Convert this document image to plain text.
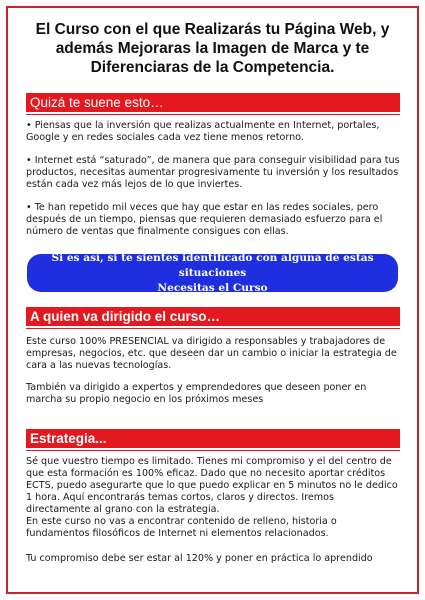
El Curso con el que Realizarás tu Página Web, y además Mejoraras la Imagen de Marca y te Diferenciaras de la Competencia.
Quizá te suene esto…

• Piensas que la inversión que realizas actualmente en Internet, portales, Google y en redes sociales cada vez tiene menos retorno.

• Internet está “saturado”, de manera que para conseguir visibilidad para tus productos, necesitas aumentar progresivamente tu inversión y los resultados están cada vez más lejos de lo que inviertes.

• Te han repetido mil veces que hay que estar en las redes sociales, pero después de un tiempo, piensas que requieren demasiado esfuerzo para el número de ventas que finalmente consigues con ellas.

Si es así, si te sientes identificado con alguna de estas situaciones
Necesitas el Curso
A quien va dirigido el curso…

Este curso 100% PRESENCIAL va dirigido a responsables y trabajadores de empresas, negocios, etc. que deseen dar un cambio o iniciar la estrategia de cara a las nuevas tecnologías.

También va dirigido a expertos y emprendedores que deseen poner en marcha su propio negocio en los próximos meses

Estrategia...

Sé que vuestro tiempo es limitado. Tienes mi compromiso y el del centro de que esta formación es 100% eficaz. Dado que no necesito aportar créditos ECTS, puedo asegurarte que lo que puedo explicar en 5 minutos no le dedico 1 hora. Aquí encontrarás temas cortos, claros y directos. Iremos directamente al grano con la estrategia.

En este curso no vas a encontrar contenido de relleno, historia o fundamentos filosóficos de Internet ni elementos relacionados.

Tu compromiso debe ser estar al 120% y poner en práctica lo aprendido
